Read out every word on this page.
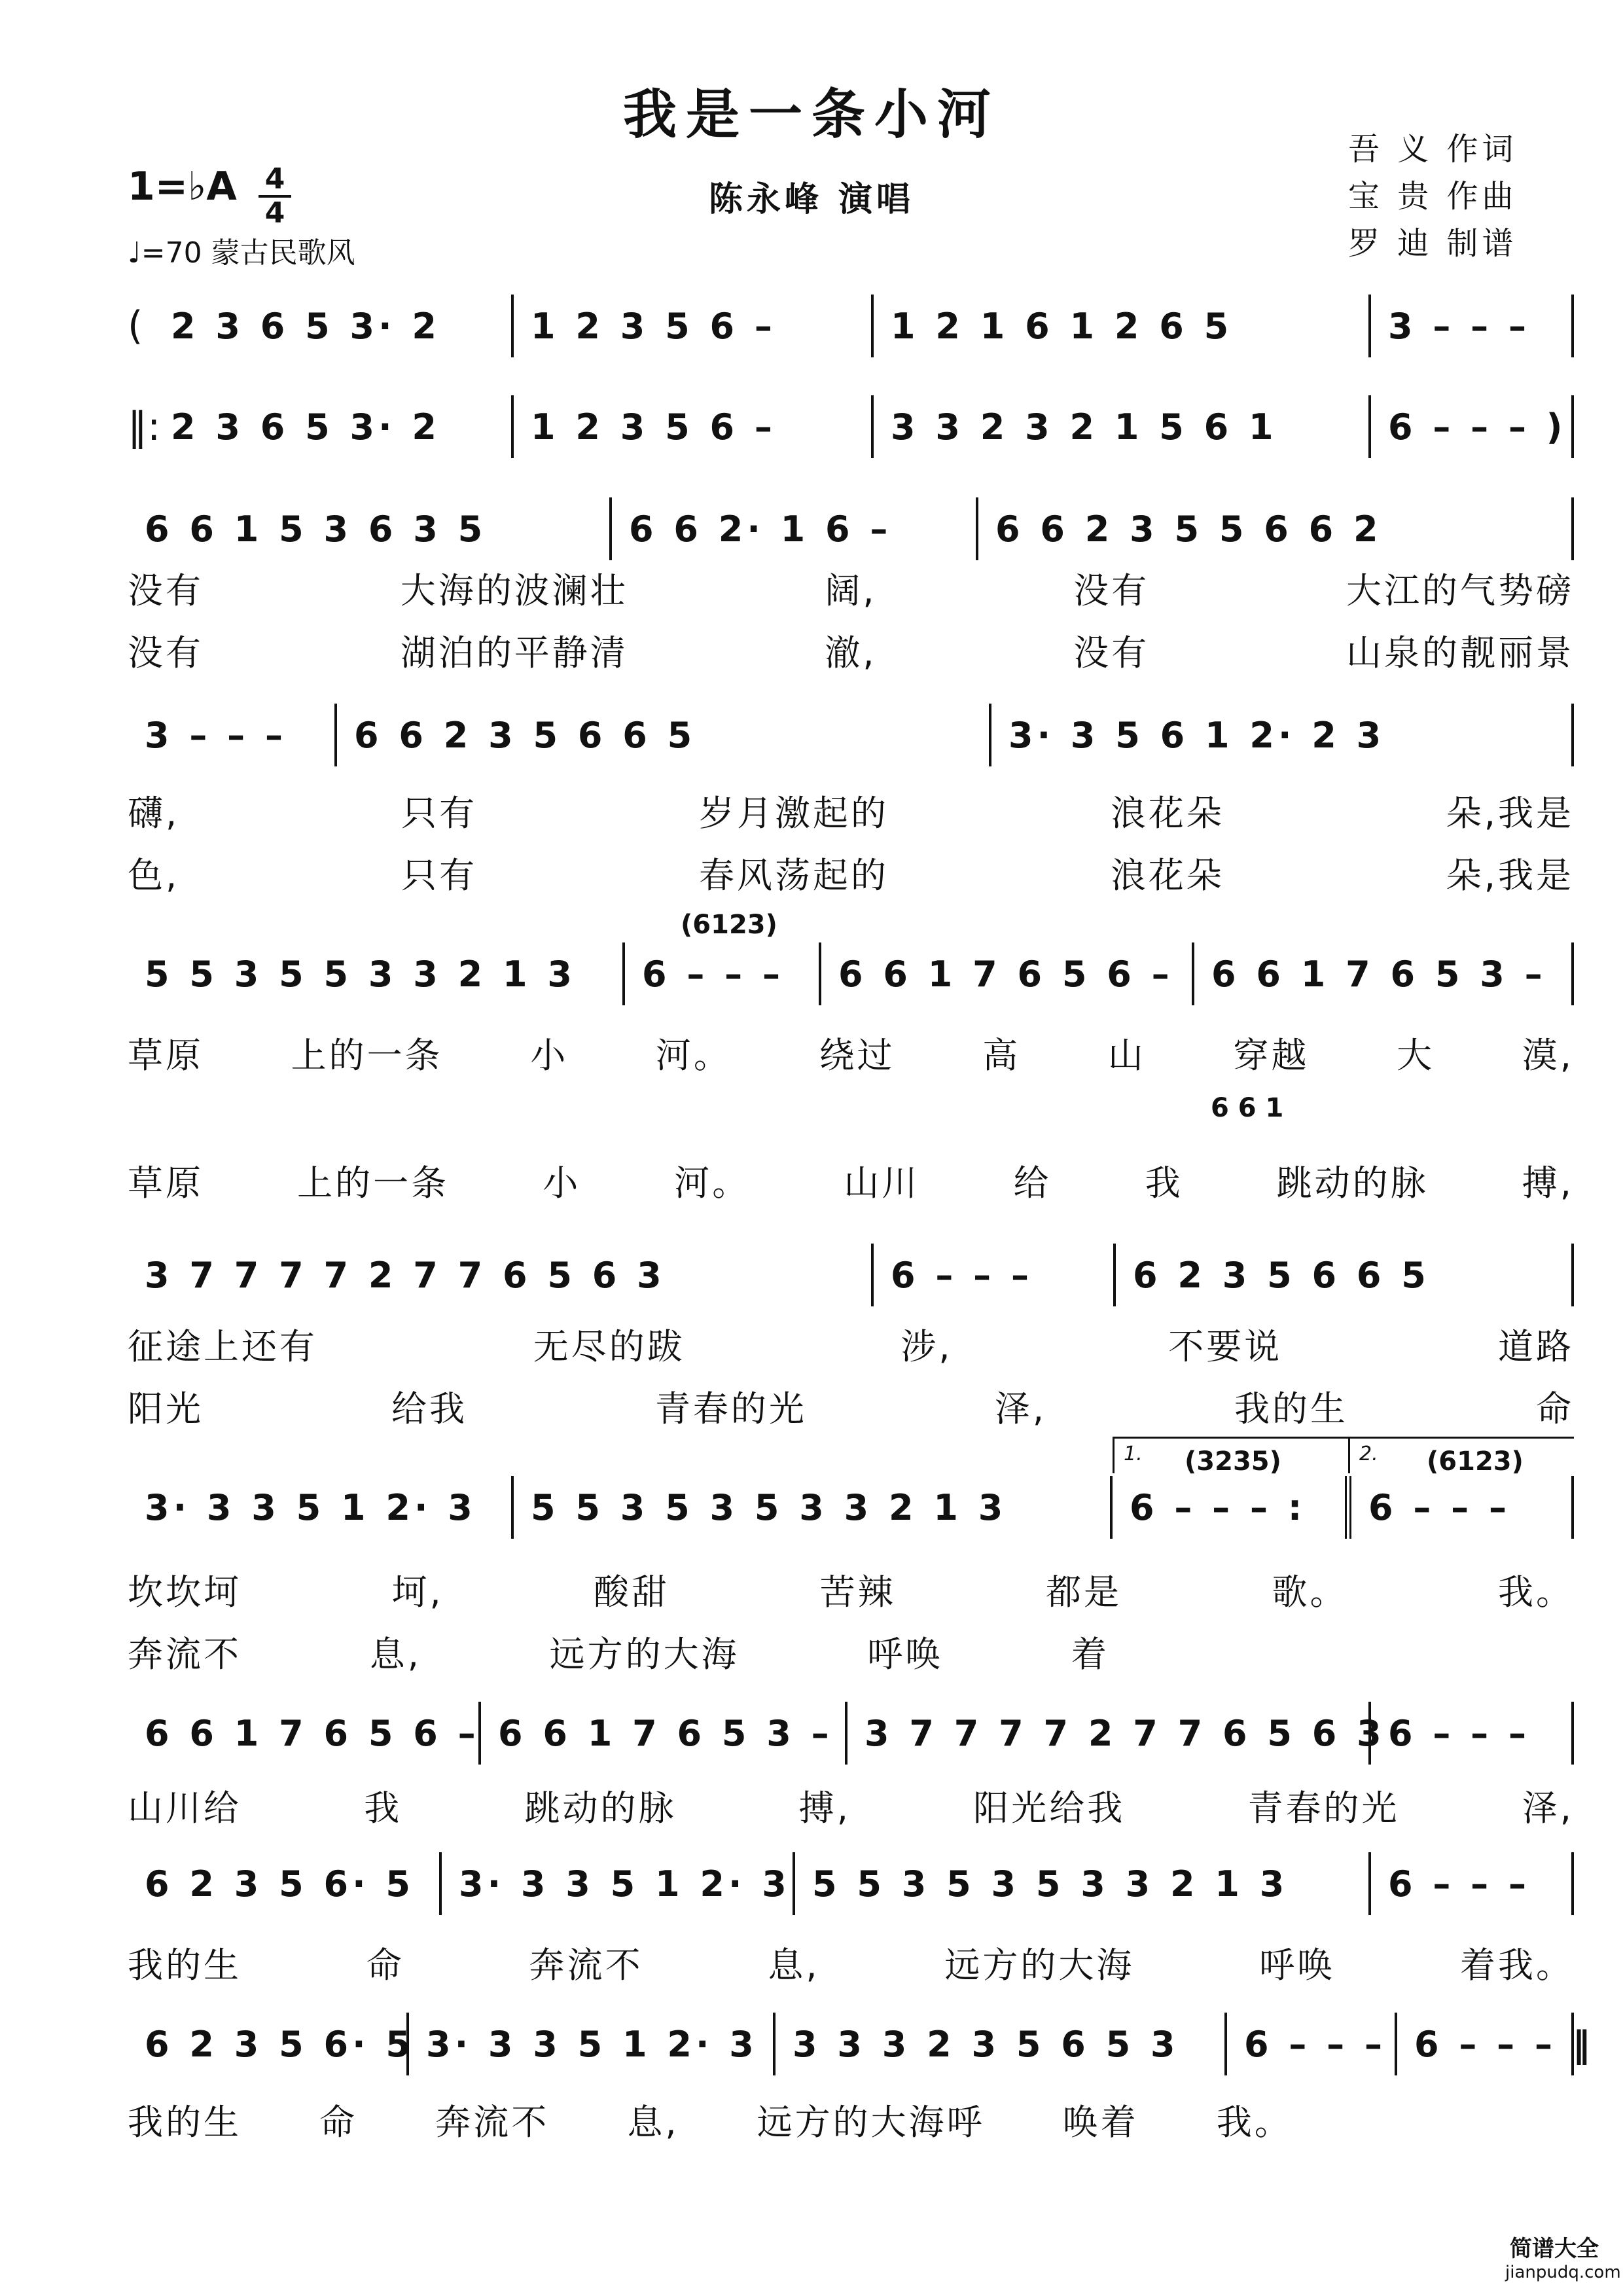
我是一条小河
陈永峰 演唱
1=♭A 4
4
♩=70 蒙古民歌风
吾 义 作词
宝 贵 作曲
罗 迪 制谱
( 2 3 6 5 3· 2	1 2 3 5 6 –	1 2 1 6 1 2 6 5	3 – – –
‖: 2 3 6 5 3· 2	1 2 3 5 6 –	3 3 2 3 2 1 5 6 1	6 – – – )
6 6 1 5 3 6 3 5	6 6 2· 1 6 –	6 6 2 3 5 5 6 6 2
没有	大海的波澜壮	阔,	没有	大江的气势磅
没有	湖泊的平静清	澈,	没有	山泉的靓丽景
3 – – –	6 6 2 3 5 6 6 5	3· 3 5 6 1 2· 2 3
礴,	只有	岁月激起的	浪花朵	朵,我是
色,	只有	春风荡起的	浪花朵	朵,我是
(6123)
5 5 3 5 5 3 3 2 1 3	6 – – –	6 6 1 7 6 5 6 –	6 6 1 7 6 5 3 –
草原 上的一条 小 河。 绕过 高 山 穿越 大 漠,
6 6 1
草原	上的一条	小	河。	山川	给	我	跳动的脉	搏,
3 7 7 7 7 2 7 7 6 5 6 3	6 – – –	6 2 3 5 6 6 5
征途上还有	无尽的跋	涉,	不要说	道路
阳光	给我	青春的光	泽,	我的生	命
1.	2.
(3235)	(6123)
3· 3 3 5 1 2· 3	5 5 3 5 3 5 3 3 2 1 3	6 – – – :	6 – – –
坎坎坷	坷,	酸甜	苦辣	都是	歌。	我。
奔流不	息,	远方的大海	呼唤	着
6 6 1 7 6 5 6 – 6 6 1 7 6 5 3 – 3 7 7 7 7 2 7 7 6 5 6 3 6 – – –
山川给	我	跳动的脉	搏,	阳光给我	青春的光	泽,
6 2 3 5 6· 5	3· 3 3 5 1 2· 3 5 5 3 5 3 5 3 3 2 1 3	6 – – –
我的生	命	奔流不	息,	远方的大海	呼唤	着我。
6 2 3 5 6· 5 3· 3 3 5 1 2· 3 3 3 3 2 3 5 6 5 3	6 – – – 6 – – – ‖
我的生 命 奔流不 息, 远方的大海呼 唤着 我。
简谱大全
jianpudq.com
